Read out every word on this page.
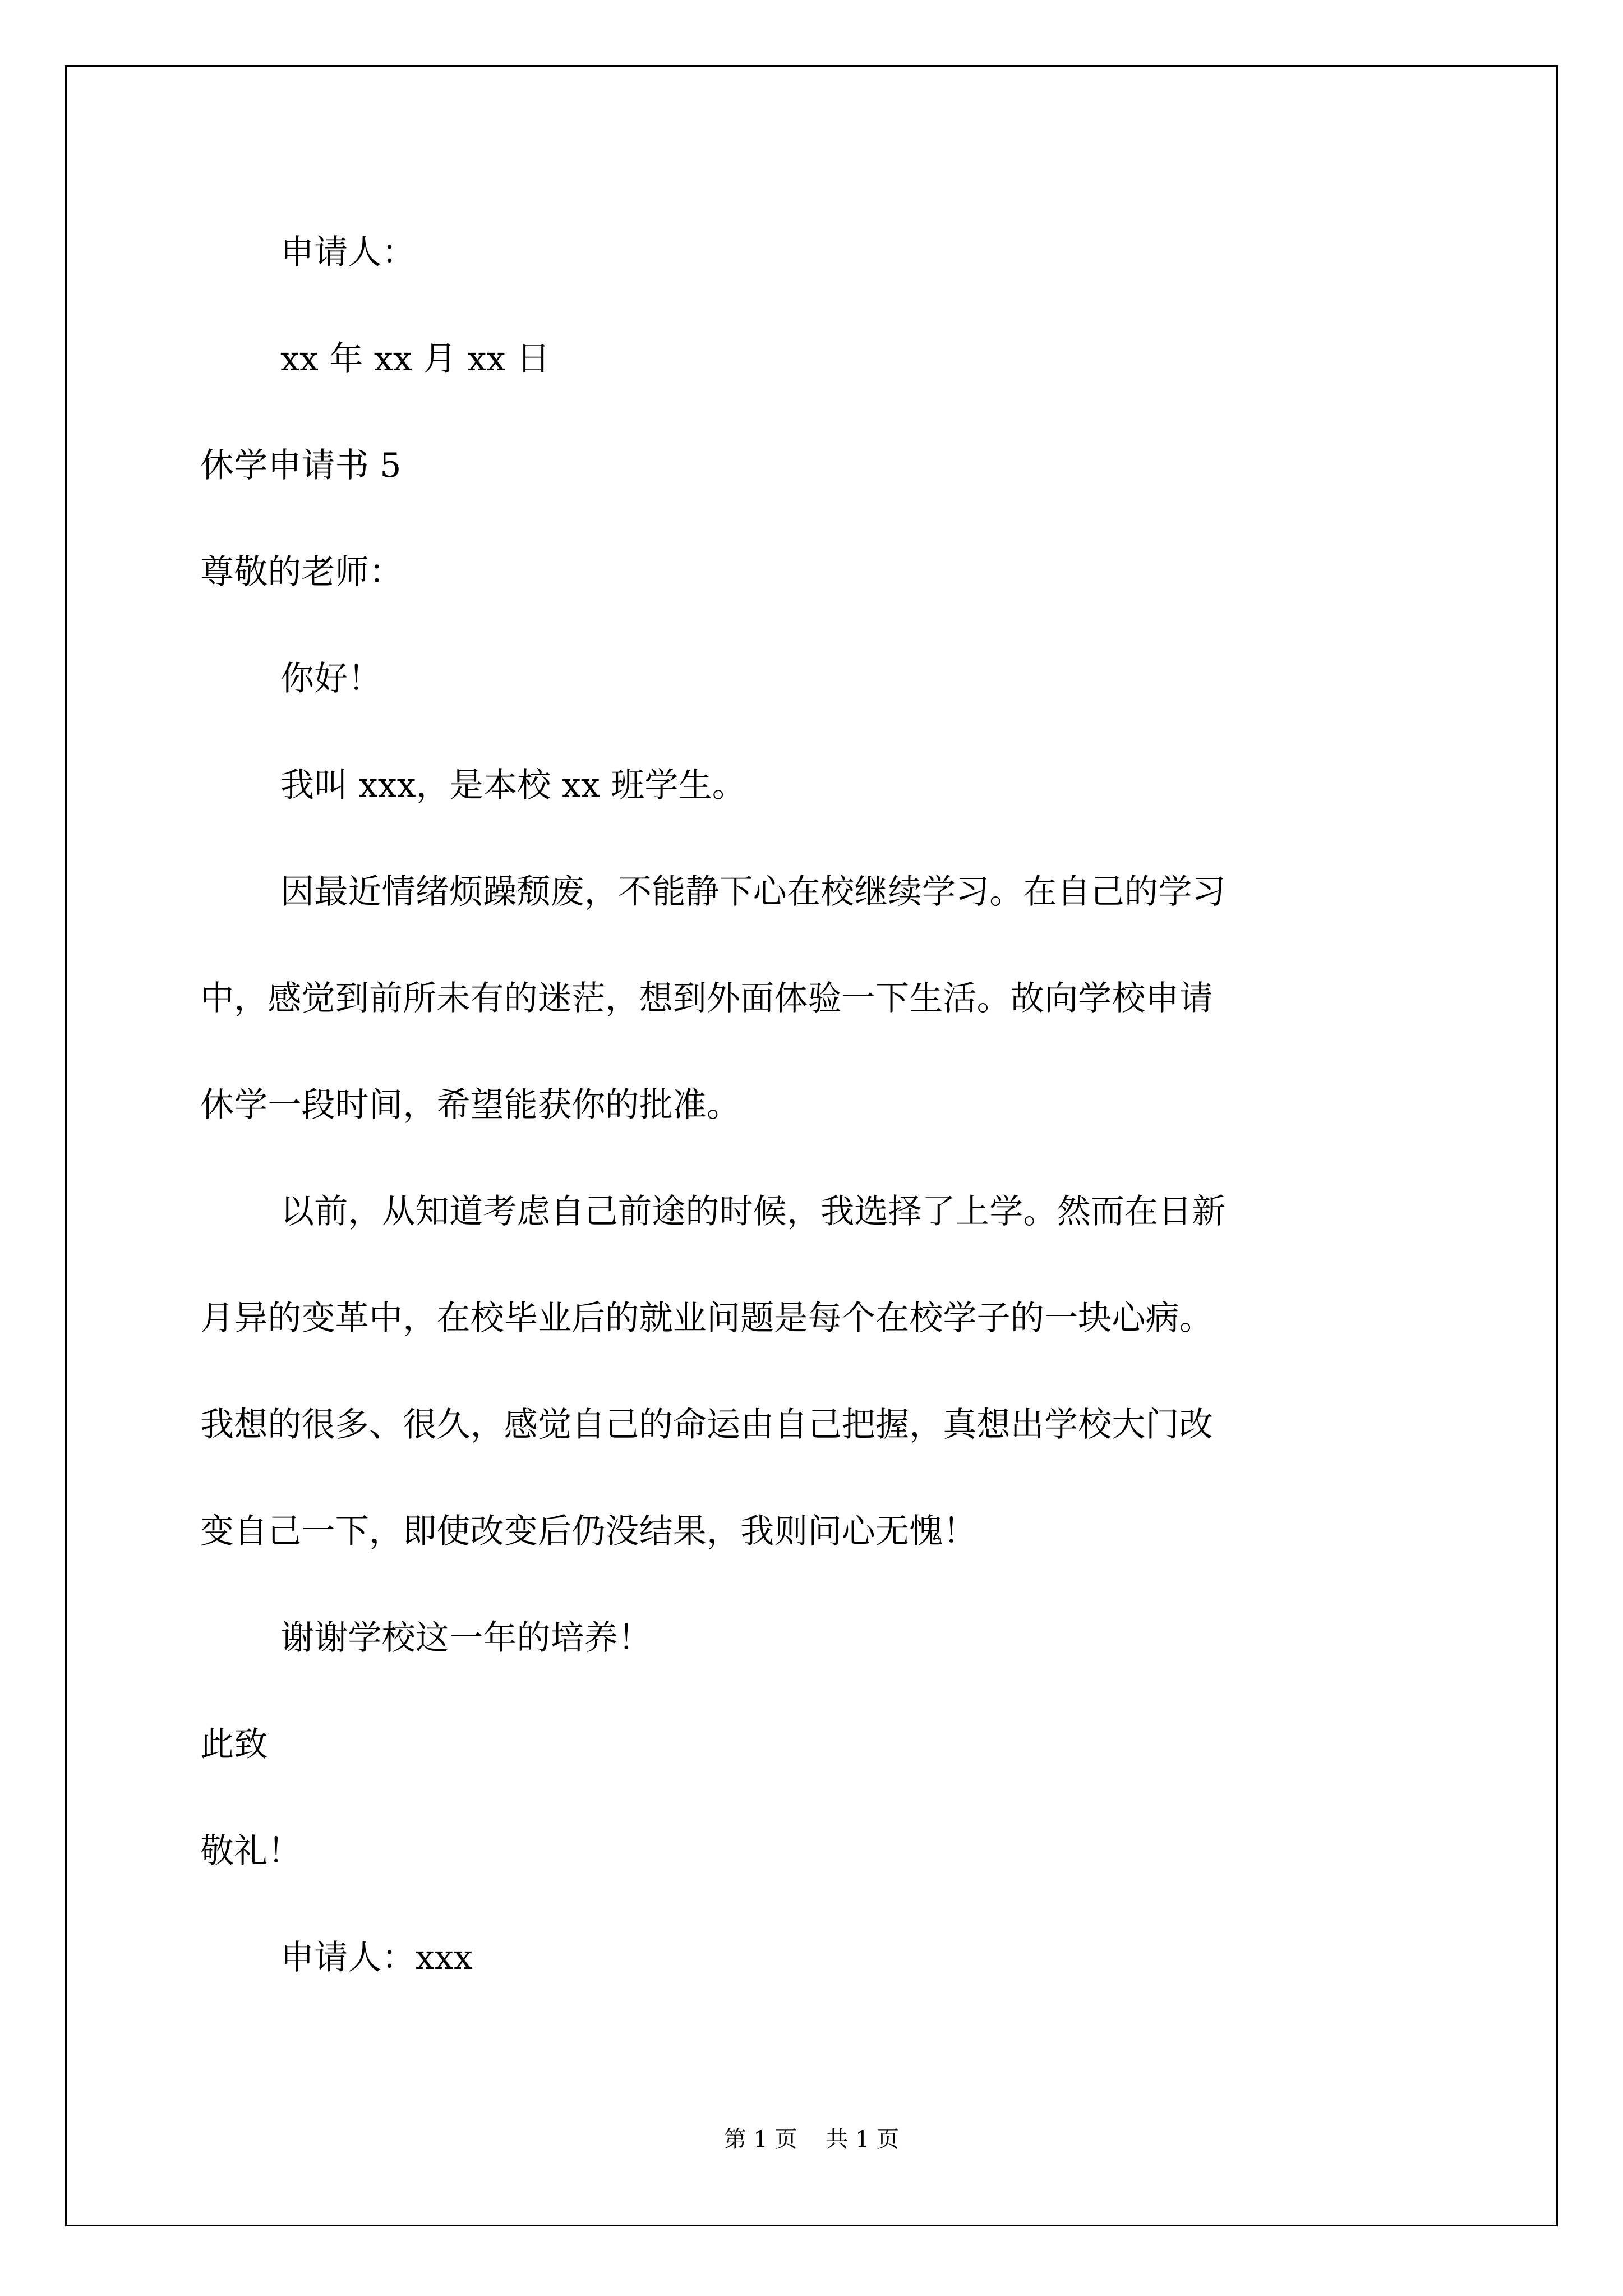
申请人：
xx 年 xx 月 xx 日
休学申请书 5
尊敬的老师：
你好！
我叫 xxx，是本校 xx 班学生。
因最近情绪烦躁颓废，不能静下心在校继续学习。在自己的学习
中，感觉到前所未有的迷茫，想到外面体验一下生活。故向学校申请
休学一段时间，希望能获你的批准。
以前，从知道考虑自己前途的时候，我选择了上学。然而在日新
月异的变革中，在校毕业后的就业问题是每个在校学子的一块心病。
我想的很多、很久，感觉自己的命运由自己把握，真想出学校大门改
变自己一下，即使改变后仍没结果，我则问心无愧！
谢谢学校这一年的培养！
此致
敬礼！
申请人：xxx
第 1 页    共 1 页
